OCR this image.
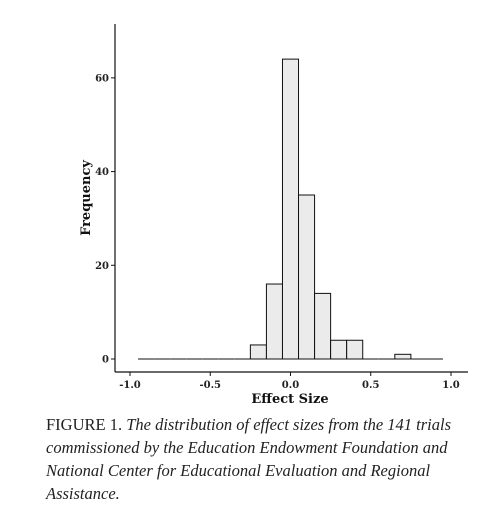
0
20
40
60
-1.0	-0.5	0.0	0.5	1.0
Effect Size
Frequency
FIGURE 1. The distribution of effect sizes from the 141 trials commissioned by the Education Endowment Foundation and National Center for Educational Evaluation and Regional Assistance.
